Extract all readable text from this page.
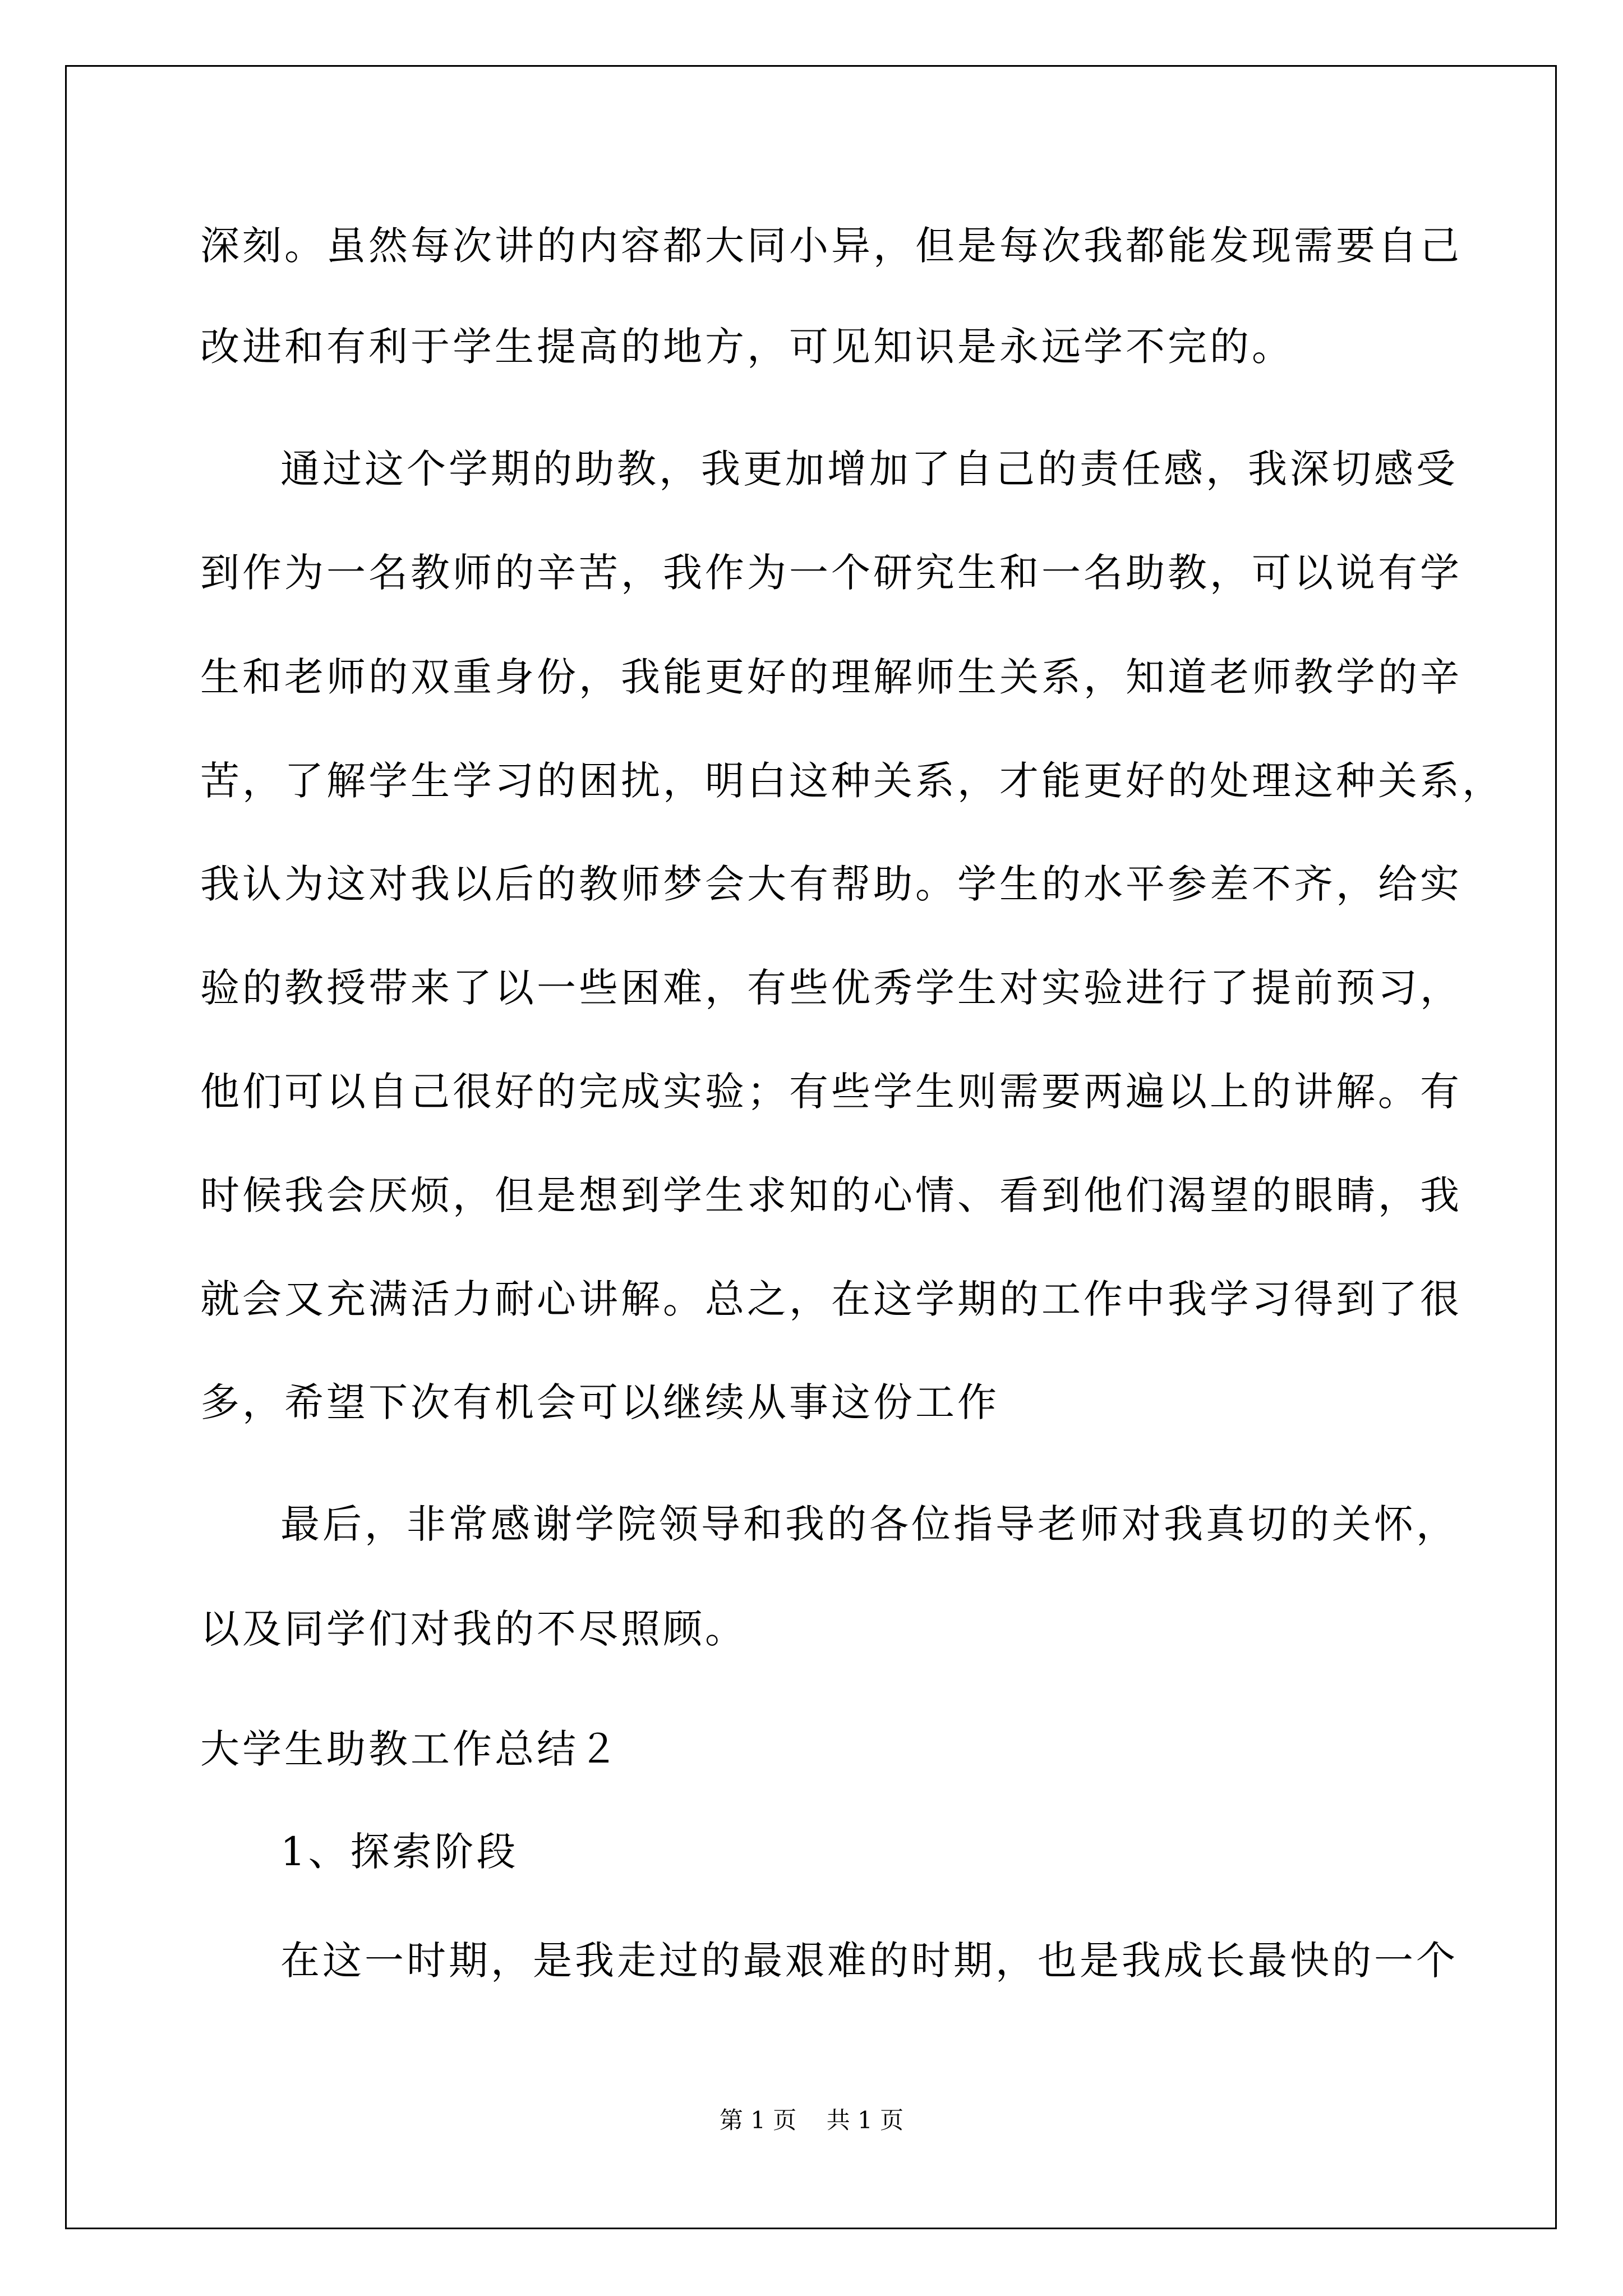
深刻。虽然每次讲的内容都大同小异，但是每次我都能发现需要自己
改进和有利于学生提高的地方，可见知识是永远学不完的。
通过这个学期的助教，我更加增加了自己的责任感，我深切感受
到作为一名教师的辛苦，我作为一个研究生和一名助教，可以说有学
生和老师的双重身份，我能更好的理解师生关系，知道老师教学的辛
苦，了解学生学习的困扰，明白这种关系，才能更好的处理这种关系，
我认为这对我以后的教师梦会大有帮助。学生的水平参差不齐，给实
验的教授带来了以一些困难，有些优秀学生对实验进行了提前预习，
他们可以自己很好的完成实验；有些学生则需要两遍以上的讲解。有
时候我会厌烦，但是想到学生求知的心情、看到他们渴望的眼睛，我
就会又充满活力耐心讲解。总之，在这学期的工作中我学习得到了很
多，希望下次有机会可以继续从事这份工作
最后，非常感谢学院领导和我的各位指导老师对我真切的关怀，
以及同学们对我的不尽照顾。
大学生助教工作总结２
1、探索阶段
在这一时期，是我走过的最艰难的时期，也是我成长最快的一个
第 1 页    共 1 页
